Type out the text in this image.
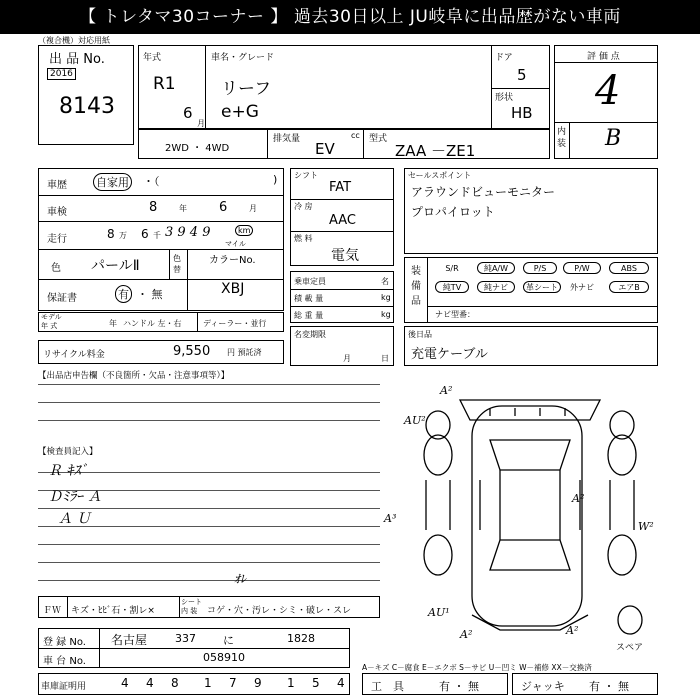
【 トレタマ30コーナー 】 過去30日以上 JU岐阜に出品歴がない車両
（複合機）対応用紙
出 品 No.
2016
8143
年式
R1
6
月
車名・グレード
リーフ
e+G
ドア
5
形状
HB
評 価 点
4
内
装 B
2WD ・ 4WD
排気量	cc
EV
型式
ZAA －ZE1
車歴	自家用 ・（	)
車検	8	年 6	月
走行	8 万 6 千 3 9 4 9	km
マイル
色 パールⅡ	色
替
カラーNo.
保証書	有 ・ 無	XBJ
モデル
年 式	年 ハンドル 左・右	ディーラー・並行
リサイクル料金	9,550 円 預託済
シフト
FAT
冷 房
AAC
燃 料
電気
乗車定員	名
積 載 量	kg
総 重 量	kg
名変期限
月	日
セールスポイント
アラウンドビューモニター
プロパイロット
装
備
品
S/R	純A/W	P/S	P/W	ABS
純TV	純ナビ	革シート	外ナビ	エアB
ナビ型番：
後日品
充電ケーブル
【出品店申告欄（不良箇所・欠品・注意事項等）】
【検査員記入】
Ｒ ｷｽﾞ
Ｄﾐﾗｰ Ａ
Ａ Ｕ
ＦＷ キズ・ﾋﾋﾞ石・割レ×
シート
内 装	コゲ・穴・汚レ・シミ・破レ・スレ
ｵﾚ
A²
AU²
A²
A³
W²
AU¹
A²	A²
スペア
A－キズ C－腐食 E－エクボ S－サビ U－凹ミ W－補修 XX－交換済
登 録 No. 名古屋	337 に	1828
車 台 No.	058910
車庫証明用	4 4 8 1 7 9 1 5 4 工　具	有 ・ 無	ジャッキ 有 ・ 無
